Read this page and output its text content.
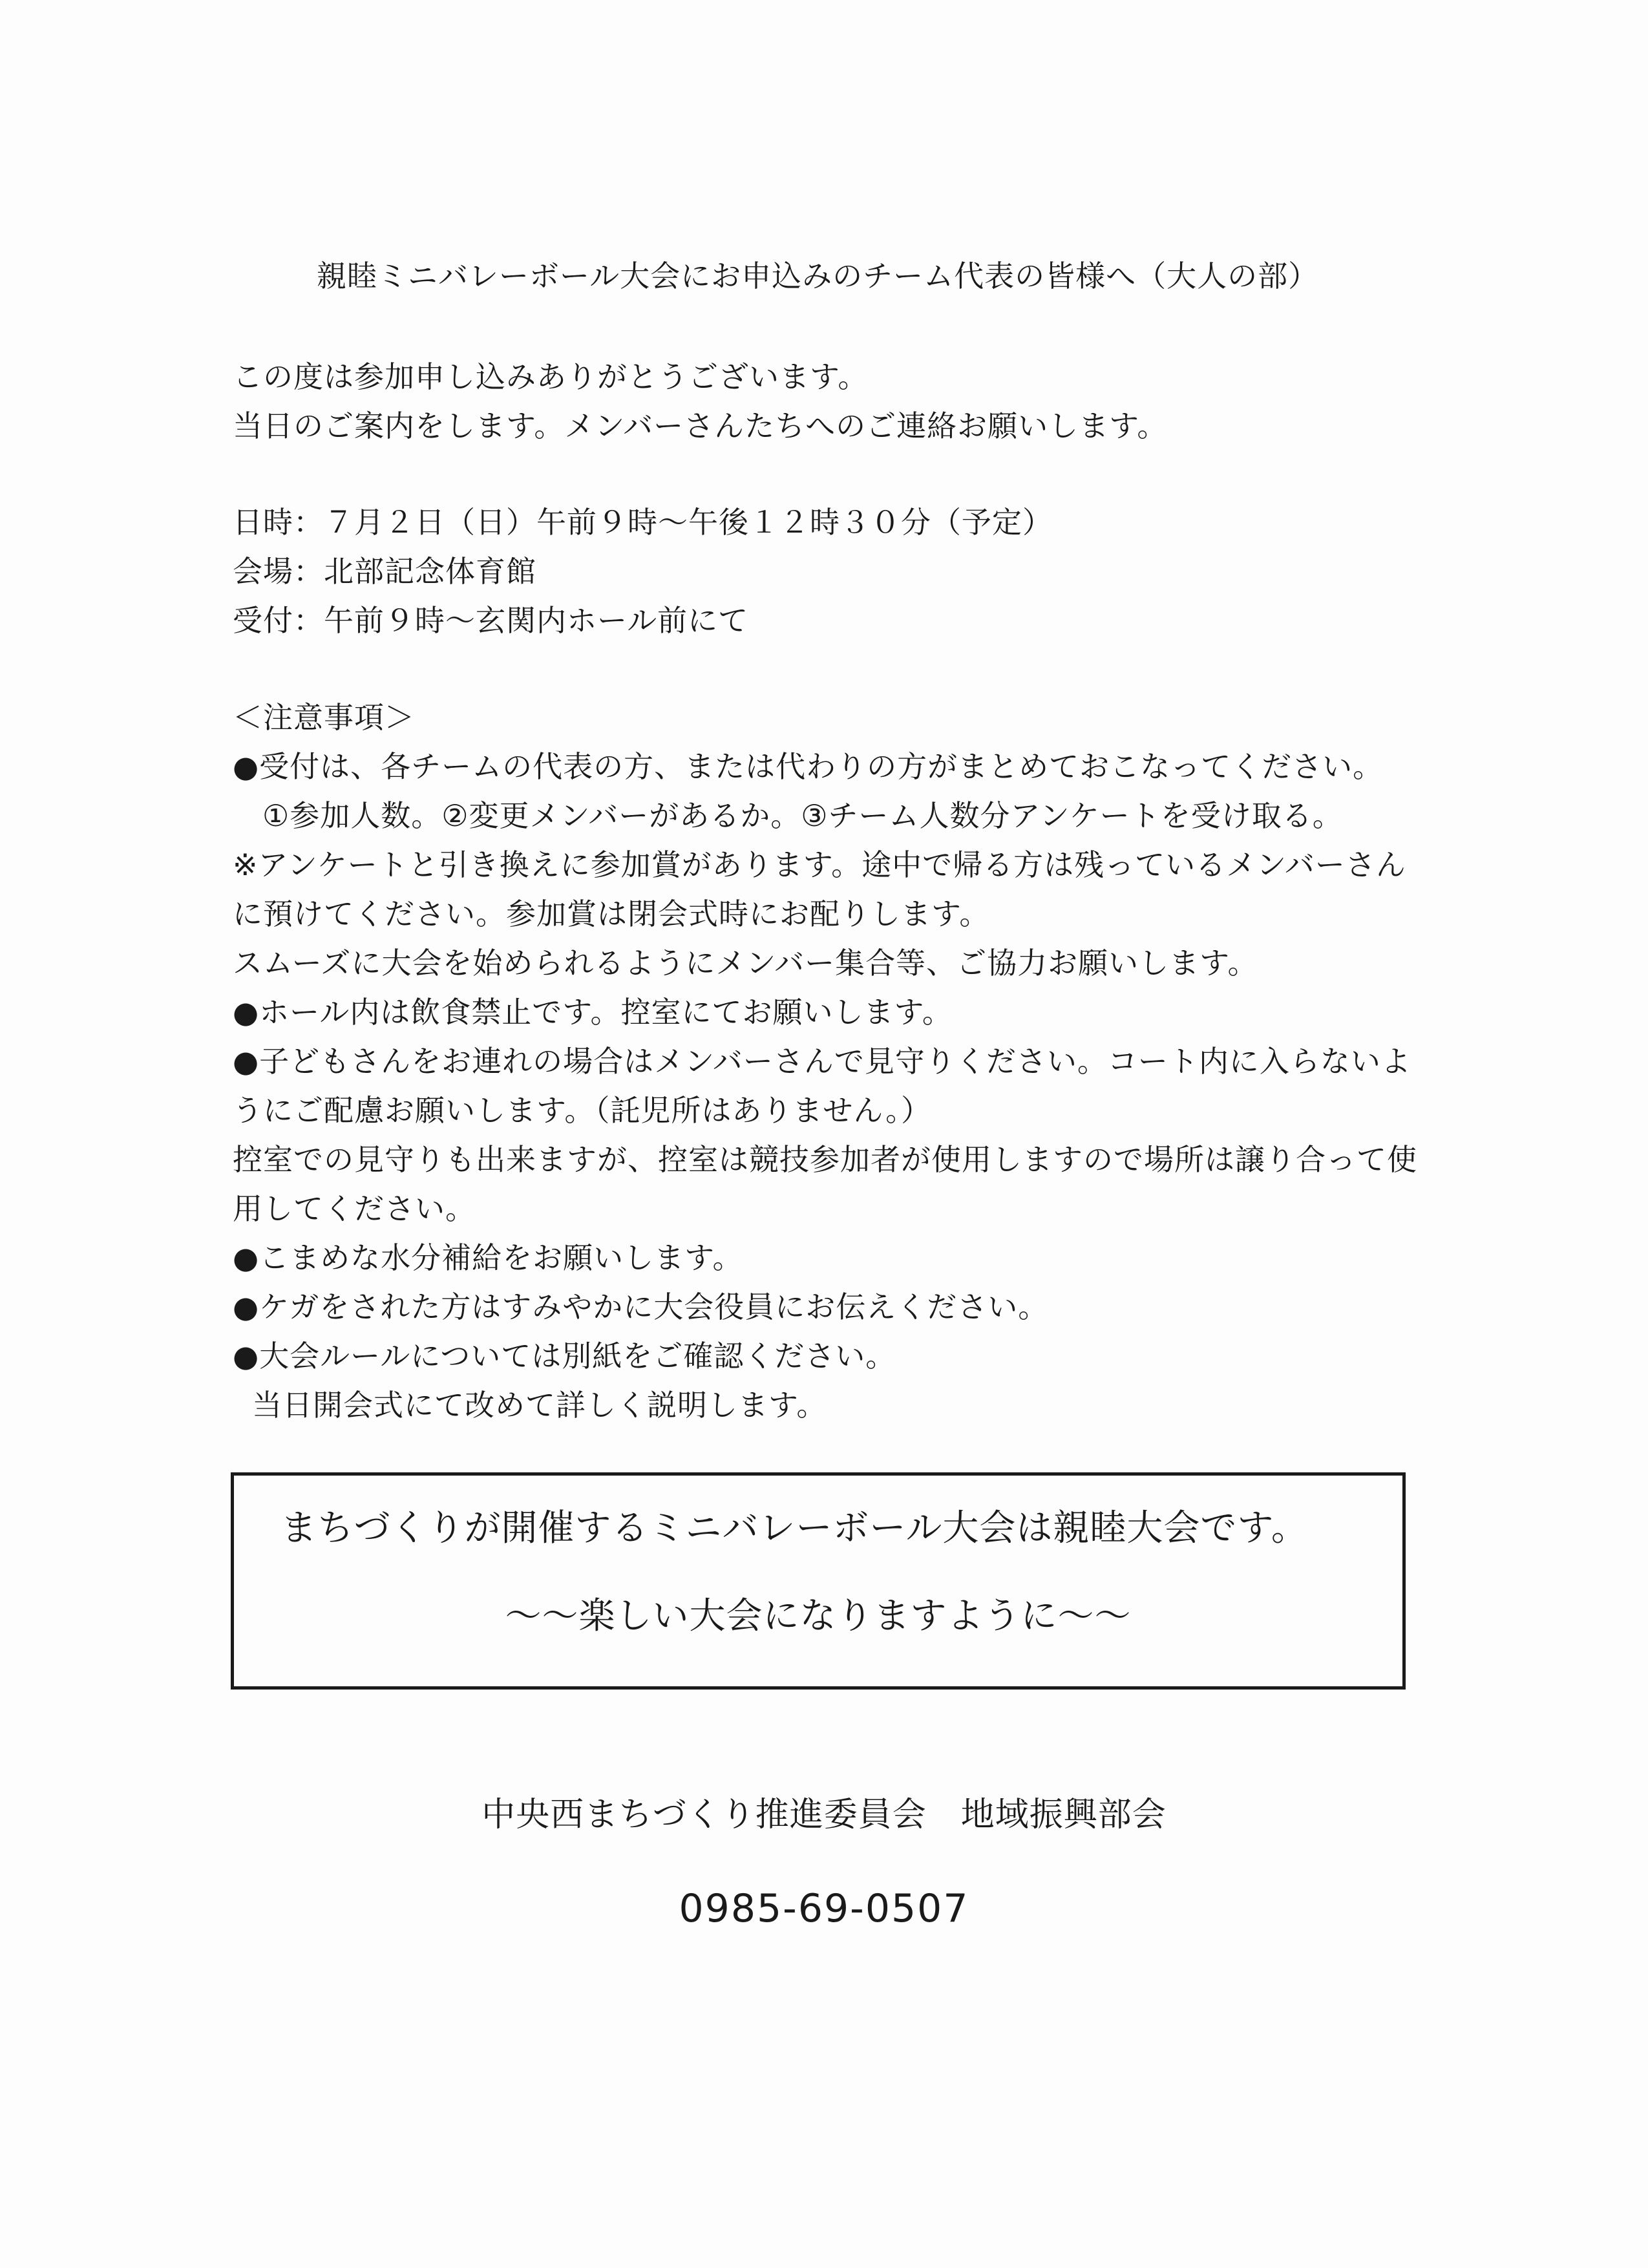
親睦ミニバレーボール大会にお申込みのチーム代表の皆様へ（大人の部）
この度は参加申し込みありがとうございます。
当日のご案内をします。メンバーさんたちへのご連絡お願いします。
日時：７月２日（日）午前９時～午後１２時３０分（予定）
会場：北部記念体育館
受付：午前９時～玄関内ホール前にて
＜注意事項＞
●受付は、各チームの代表の方、または代わりの方がまとめておこなってください。
①参加人数。②変更メンバーがあるか。③チーム人数分アンケートを受け取る。
※アンケートと引き換えに参加賞があります。途中で帰る方は残っているメンバーさん
に預けてください。参加賞は閉会式時にお配りします。
スムーズに大会を始められるようにメンバー集合等、ご協力お願いします。
●ホール内は飲食禁止です。控室にてお願いします。
●子どもさんをお連れの場合はメンバーさんで見守りください。コート内に入らないよ
うにご配慮お願いします。（託児所はありません。）
控室での見守りも出来ますが、控室は競技参加者が使用しますので場所は譲り合って使
用してください。
●こまめな水分補給をお願いします。
●ケガをされた方はすみやかに大会役員にお伝えください。
●大会ルールについては別紙をご確認ください。
当日開会式にて改めて詳しく説明します。
まちづくりが開催するミニバレーボール大会は親睦大会です。
～～楽しい大会になりますように～～
中央西まちづくり推進委員会　地域振興部会
0985-69-0507
